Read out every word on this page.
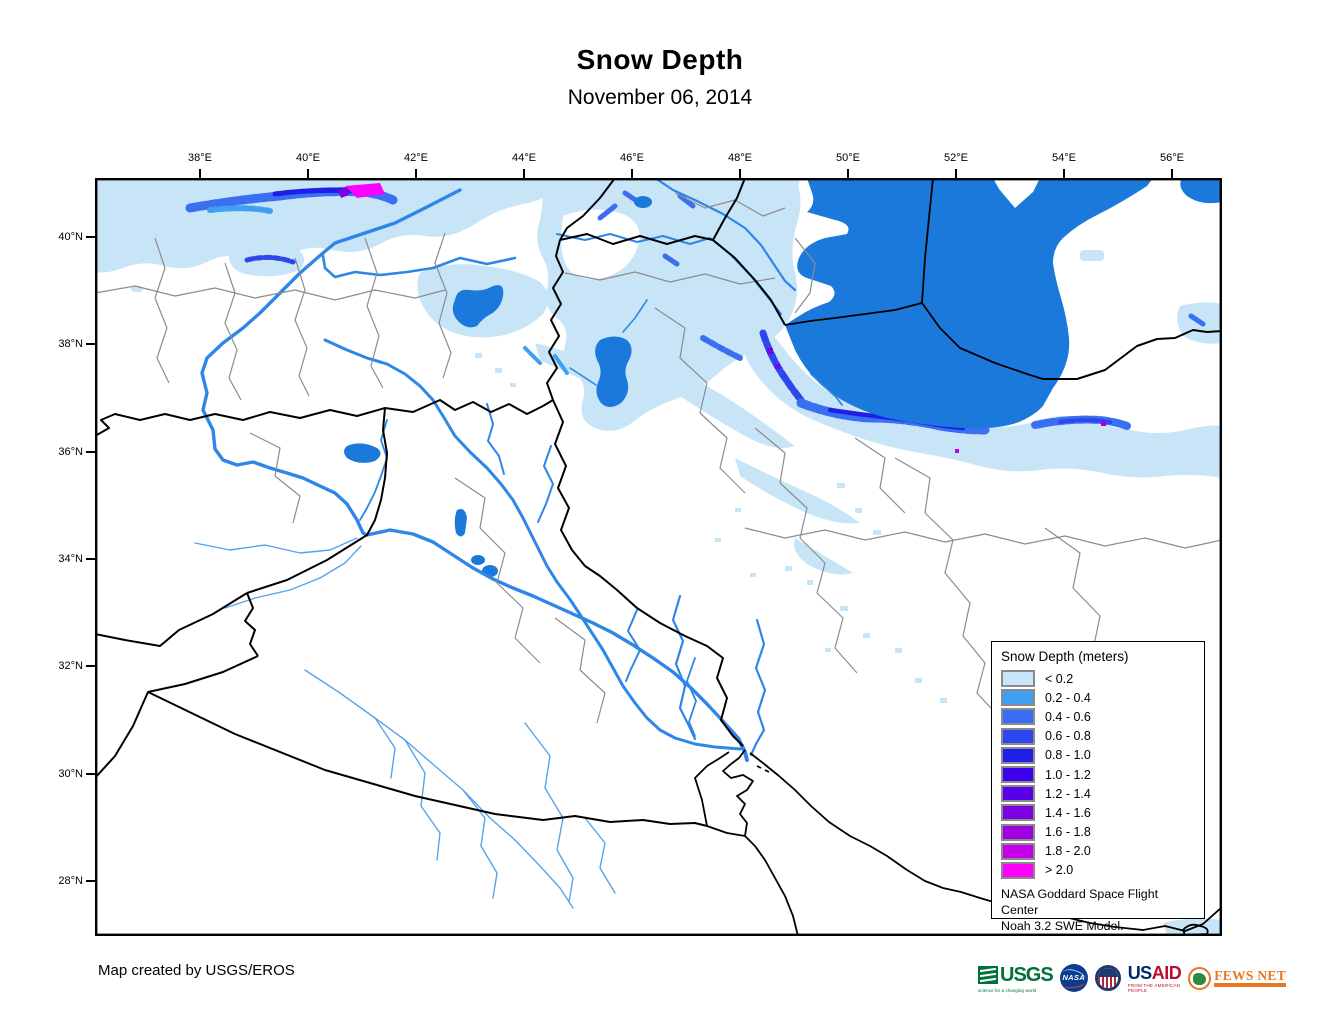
Snow Depth
November 06, 2014
38°E	40°E	42°E	44°E	46°E	48°E	50°E	52°E	54°E	56°E
40°N
38°N
36°N
34°N
32°N
30°N
28°N
Snow Depth (meters)
< 0.2
0.2 - 0.4
0.4 - 0.6
0.6 - 0.8
0.8 - 1.0
1.0 - 1.2
1.2 - 1.4
1.4 - 1.6
1.6 - 1.8
1.8 - 2.0
> 2.0
NASA Goddard Space Flight Center
Noah 3.2 SWE Model.
Map created by USGS/EROS	USGS
science for a changing world
NASA USAID
FROM THE AMERICAN PEOPLE
FEWS NET
